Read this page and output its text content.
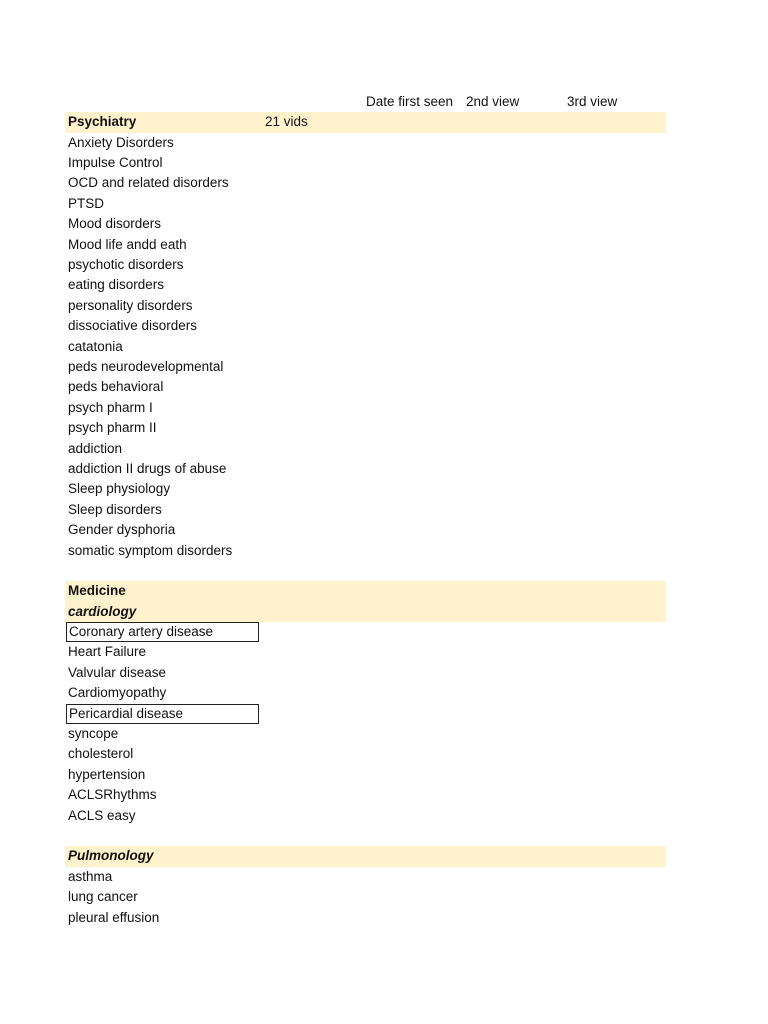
Date first seen 2nd view	3rd view
Psychiatry	21 vids
Anxiety Disorders
Impulse Control
OCD and related disorders
PTSD
Mood disorders
Mood life andd eath
psychotic disorders
eating disorders
personality disorders
dissociative disorders
catatonia
peds neurodevelopmental
peds behavioral
psych pharm I
psych pharm II
addiction
addiction II drugs of abuse
Sleep physiology
Sleep disorders
Gender dysphoria
somatic symptom disorders
Medicine
cardiology
Coronary artery disease
Heart Failure
Valvular disease
Cardiomyopathy
Pericardial disease
syncope
cholesterol
hypertension
ACLSRhythms
ACLS easy
Pulmonology
asthma
lung cancer
pleural effusion
